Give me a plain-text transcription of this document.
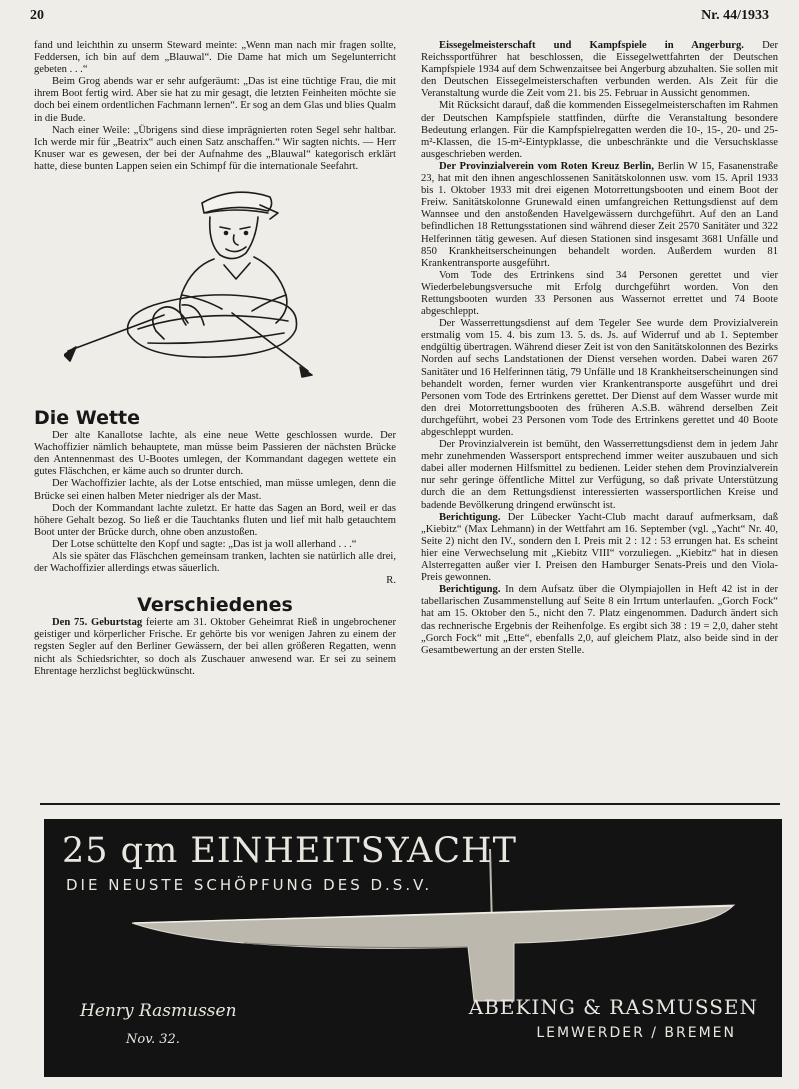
20	Nr. 44/1933

fand und leichthin zu unserm Steward meinte: „Wenn man nach mir fragen sollte, Feddersen, ich bin auf dem „Blauwal“. Die Dame hat mich um Segelunterricht gebeten . . .“

Beim Grog abends war er sehr aufgeräumt: „Das ist eine tüchtige Frau, die mit ihrem Boot fertig wird. Aber sie hat zu mir gesagt, die letzten Feinheiten möchte sie doch bei einem ordentlichen Fachmann lernen“. Er sog an dem Glas und blies Qualm in die Bude.

Nach einer Weile: „Übrigens sind diese imprägnierten roten Segel sehr haltbar. Ich werde mir für „Beatrix“ auch einen Satz anschaffen.“ Wir sagten nichts. — Herr Knuser war es gewesen, der bei der Aufnahme des „Blauwal“ kategorisch erklärt hatte, diese bunten Lappen seien ein Schimpf für die internationale Seefahrt.

Die Wette

Der alte Kanallotse lachte, als eine neue Wette geschlossen wurde. Der Wachoffizier nämlich behauptete, man müsse beim Passieren der nächsten Brücke den Antennenmast des U-Bootes umlegen, der Kommandant dagegen wettete ein gutes Fläschchen, er käme auch so drunter durch.

Der Wachoffizier lachte, als der Lotse entschied, man müsse umlegen, denn die Brücke sei einen halben Meter niedriger als der Mast.

Doch der Kommandant lachte zuletzt. Er hatte das Sagen an Bord, weil er das höhere Gehalt bezog. So ließ er die Tauchtanks fluten und lief mit halb getauchtem Boot unter der Brücke durch, ohne oben anzustoßen.

Der Lotse schüttelte den Kopf und sagte: „Das ist ja woll allerhand . . .“

Als sie später das Fläschchen gemeinsam tranken, lachten sie natürlich alle drei, der Wachoffizier allerdings etwas säuerlich.

R.

Verschiedenes

Den 75. Geburtstag feierte am 31. Oktober Geheimrat Rieß in ungebrochener geistiger und körperlicher Frische. Er gehörte bis vor wenigen Jahren zu einem der regsten Segler auf den Berliner Gewässern, der bei allen größeren Regatten, wenn nicht als Schiedsrichter, so doch als Zuschauer anwesend war. Er sei zu seinem Ehrentage herzlichst beglückwünscht.

Eissegelmeisterschaft und Kampfspiele in Angerburg. Der Reichssportführer hat beschlossen, die Eissegelwettfahrten der Deutschen Kampfspiele 1934 auf dem Schwenzaitsee bei Angerburg abzuhalten. Sie sollen mit den Deutschen Eissegelmeisterschaften verbunden werden. Als Zeit für die Veranstaltung wurde die Zeit vom 21. bis 25. Februar in Aussicht genommen.

Mit Rücksicht darauf, daß die kommenden Eissegelmeisterschaften im Rahmen der Deutschen Kampfspiele stattfinden, dürfte die Veranstaltung besondere Bedeutung erlangen. Für die Kampfspielregatten werden die 10-, 15-, 20- und 25-m²-Klassen, die 15-m²-Eintypklasse, die unbeschränkte und die Versuchsklasse ausgeschrieben werden.

Der Provinzialverein vom Roten Kreuz Berlin, Berlin W 15, Fasanenstraße 23, hat mit den ihnen angeschlossenen Sanitätskolonnen usw. vom 15. April 1933 bis 1. Oktober 1933 mit drei eigenen Motorrettungsbooten und einem Boot der Freiw. Sanitätskolonne Grunewald einen umfangreichen Rettungsdienst auf dem Wannsee und den anstoßenden Havelgewässern durchgeführt. Auf den an Land befindlichen 18 Rettungsstationen sind während dieser Zeit 2570 Sanitäter und 322 Helferinnen tätig gewesen. Auf diesen Stationen sind insgesamt 3681 Unfälle und 850 Krankheitserscheinungen behandelt worden. Außerdem wurden 81 Krankentransporte ausgeführt.

Vom Tode des Ertrinkens sind 34 Personen gerettet und vier Wiederbelebungsversuche mit Erfolg durchgeführt worden. Von den Rettungsbooten wurden 33 Personen aus Wassernot errettet und 74 Boote abgeschleppt.

Der Wasserrettungsdienst auf dem Tegeler See wurde dem Provizialverein erstmalig vom 15. 4. bis zum 13. 5. ds. Js. auf Widerruf und ab 1. September endgültig übertragen. Während dieser Zeit ist von den Sanitätskolonnen des Bezirks Norden auf sechs Landstationen der Dienst versehen worden. Dabei waren 267 Sanitäter und 16 Helferinnen tätig, 79 Unfälle und 18 Krankheitserscheinungen sind behandelt worden, ferner wurden vier Krankentransporte ausgeführt und drei Personen vom Tode des Ertrinkens gerettet. Der Dienst auf dem Wasser wurde mit den drei Motorrettungsbooten des früheren A.S.B. während derselben Zeit durchgeführt, wobei 23 Personen vom Tode des Ertrinkens gerettet und 40 Boote abgeschleppt wurden.

Der Provinzialverein ist bemüht, den Wasserrettungsdienst dem in jedem Jahr mehr zunehmenden Wassersport entsprechend immer weiter auszubauen und sich dabei aller modernen Hilfsmittel zu bedienen. Leider stehen dem Provinzialverein nur sehr geringe öffentliche Mittel zur Verfügung, so daß private Unterstützung durch die an dem Rettungsdienst interessierten wassersportlichen Kreise und badende Bevölkerung dringend erwünscht ist.

Berichtigung. Der Lübecker Yacht-Club macht darauf aufmerksam, daß „Kiebitz“ (Max Lehmann) in der Wettfahrt am 16. September (vgl. „Yacht“ Nr. 40, Seite 2) nicht den IV., sondern den I. Preis mit 2 : 12 : 53 errungen hat. Es scheint hier eine Verwechselung mit „Kiebitz VIII“ vorzuliegen. „Kiebitz“ hat in diesen Alsterregatten außer vier I. Preisen den Hamburger Senats-Preis und den Viola-Preis gewonnen.

Berichtigung. In dem Aufsatz über die Olympiajollen in Heft 42 ist in der tabellarischen Zusammenstellung auf Seite 8 ein Irrtum unterlaufen. „Gorch Fock“ hat am 15. Oktober den 5., nicht den 7. Platz eingenommen. Dadurch ändert sich das rechnerische Ergebnis der Reihenfolge. Es ergibt sich 38 : 19 = 2,0, daher steht „Gorch Fock“ mit „Ette“, ebenfalls 2,0, auf gleichem Platz, also beide sind in der Gesamtbewertung an der ersten Stelle.

25 qm EINHEITSYACHT
DIE NEUSTE SCHÖPFUNG DES D.S.V.
Henry Rasmussen
Nov. 32.
ABEKING & RASMUSSEN
LEMWERDER / BREMEN
